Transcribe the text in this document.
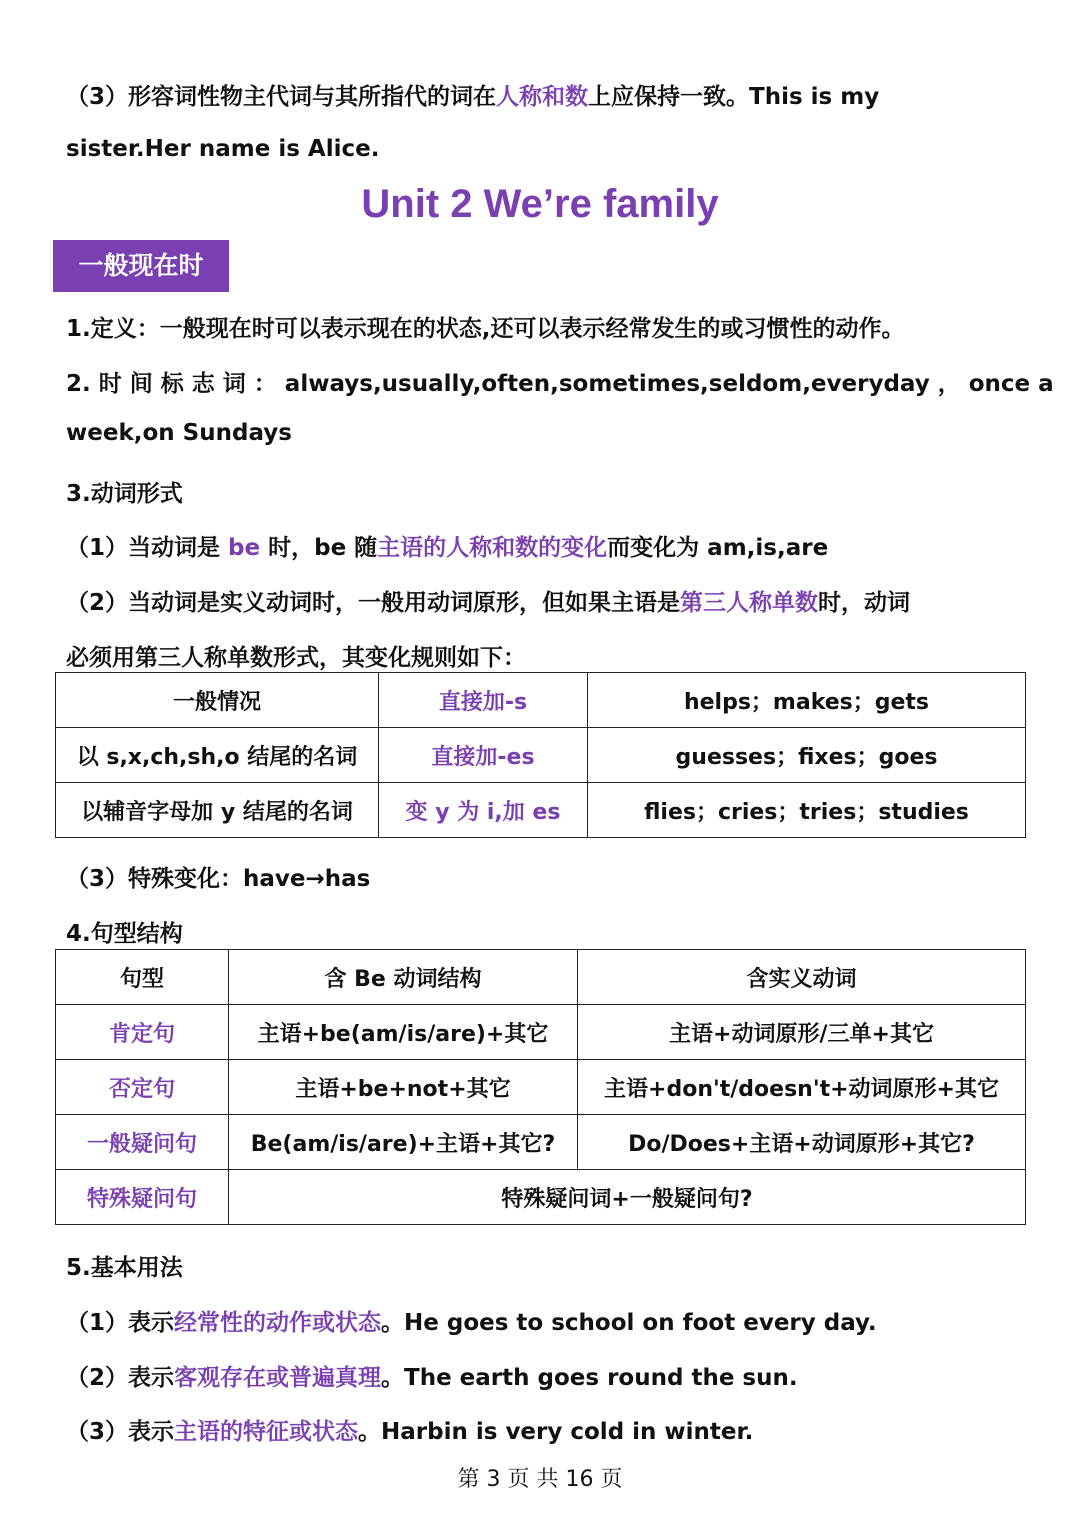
（3）形容词性物主代词与其所指代的词在人称和数上应保持一致。This is my
sister.Her name is Alice.
Unit 2 We’re family
一般现在时
1.定义：一般现在时可以表示现在的状态,还可以表示经常发生的或习惯性的动作。
2. 时 间 标 志 词 ： always,usually,often,sometimes,seldom,everyday ， once a
week,on Sundays
3.动词形式
（1）当动词是 be 时，be 随主语的人称和数的变化而变化为 am,is,are
（2）当动词是实义动词时，一般用动词原形，但如果主语是第三人称单数时，动词
必须用第三人称单数形式，其变化规则如下：
一般情况	直接加-s	helps；makes；gets
以 s,x,ch,sh,o 结尾的名词	直接加-es	guesses；fixes；goes
以辅音字母加 y 结尾的名词	变 y 为 i,加 es	flies；cries；tries；studies
（3）特殊变化：have→has
4.句型结构
句型	含 Be 动词结构	含实义动词
肯定句	主语+be(am/is/are)+其它	主语+动词原形/三单+其它
否定句	主语+be+not+其它	主语+don't/doesn't+动词原形+其它
一般疑问句	Be(am/is/are)+主语+其它?	Do/Does+主语+动词原形+其它?
特殊疑问句	特殊疑问词+一般疑问句?	
5.基本用法
（1）表示经常性的动作或状态。He goes to school on foot every day.
（2）表示客观存在或普遍真理。The earth goes round the sun.
（3）表示主语的特征或状态。Harbin is very cold in winter.
第 3 页 共 16 页
